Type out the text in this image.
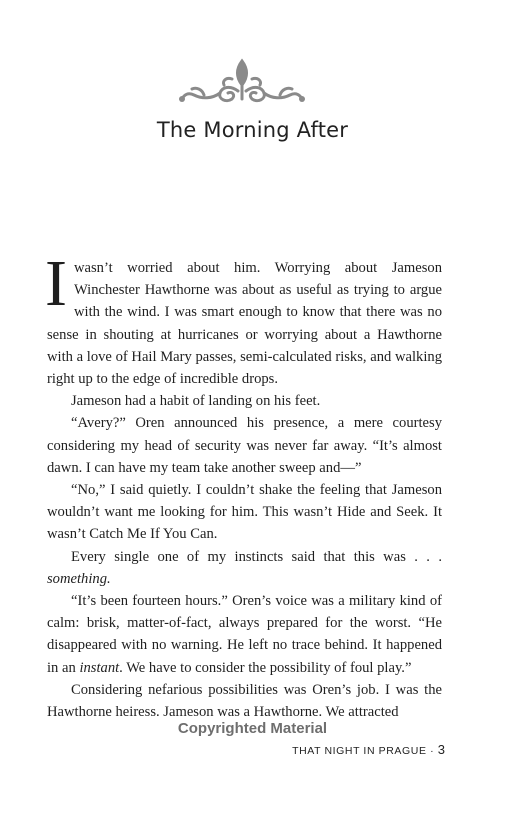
The Morning After

Iwasn’t worried about him. Worrying about Jameson Winchester Hawthorne was about as useful as trying to argue with the wind. I was smart enough to know that there was no sense in shouting at hurricanes or worrying about a Hawthorne with a love of Hail Mary passes, semi-calculated risks, and walking right up to the edge of incredible drops.

Jameson had a habit of landing on his feet.

“Avery?” Oren announced his presence, a mere courtesy considering my head of security was never far away. “It’s almost dawn. I can have my team take another sweep and—”

“No,” I said quietly. I couldn’t shake the feeling that Jameson wouldn’t want me looking for him. This wasn’t Hide and Seek. It wasn’t Catch Me If You Can.

Every single one of my instincts said that this was . . . something.

“It’s been fourteen hours.” Oren’s voice was a military kind of calm: brisk, matter-of-fact, always prepared for the worst. “He disappeared with no warning. He left no trace behind. It happened in an instant. We have to consider the possibility of foul play.”

Considering nefarious possibilities was Oren’s job. I was the Hawthorne heiress. Jameson was a Hawthorne. We attracted

Copyrighted Material
THAT NIGHT IN PRAGUE · 3
